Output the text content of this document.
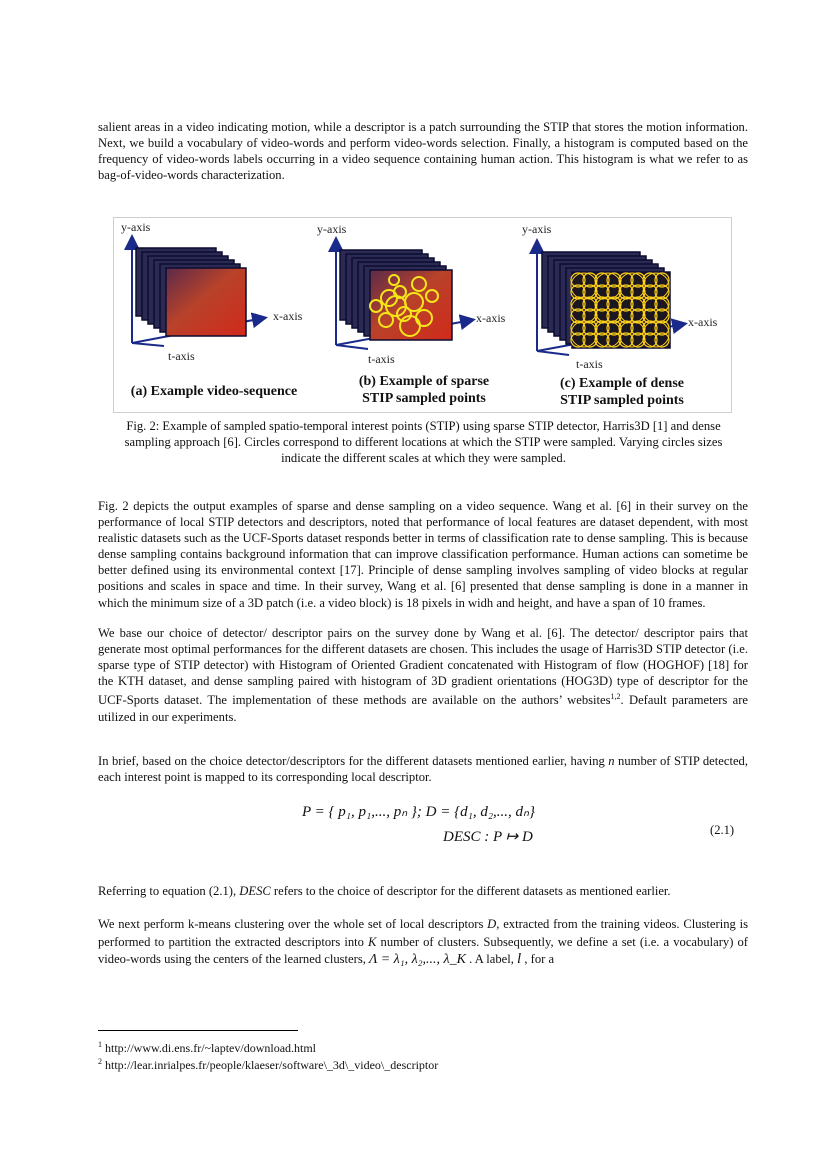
salient areas in a video indicating motion, while a descriptor is a patch surrounding the STIP that stores the motion information. Next, we build a vocabulary of video-words and perform video-words selection. Finally, a histogram is computed based on the frequency of video-words labels occurring in a video sequence containing human action. This histogram is what we refer to as bag-of-video-words characterization.

y-axis
x-axis
t-axis
(a) Example video-sequence
y-axis
x-axis
t-axis
(b) Example of sparse
STIP sampled points
y-axis
x-axis
t-axis
(c) Example of dense
STIP sampled points

Fig. 2: Example of sampled spatio-temporal interest points (STIP) using sparse STIP detector, Harris3D [1] and dense sampling approach [6]. Circles correspond to different locations at which the STIP were sampled. Varying circles sizes indicate the different scales at which they were sampled.

Fig. 2 depicts the output examples of sparse and dense sampling on a video sequence. Wang et al. [6] in their survey on the performance of local STIP detectors and descriptors, noted that performance of local features are dataset dependent, with most realistic datasets such as the UCF-Sports dataset responds better in terms of classification rate to dense sampling. This is because dense sampling contains background information that can improve classification performance. Human actions can sometime be better defined using its environmental context [17]. Principle of dense sampling involves sampling of video blocks at regular positions and scales in space and time. In their survey, Wang et al. [6] presented that dense sampling is done in a manner in which the minimum size of a 3D patch (i.e. a video block) is 18 pixels in widh and height, and have a span of 10 frames.

We base our choice of detector/ descriptor pairs on the survey done by Wang et al. [6]. The detector/ descriptor pairs that generate most optimal performances for the different datasets are chosen. This includes the usage of Harris3D STIP detector (i.e. sparse type of STIP detector) with Histogram of Oriented Gradient concatenated with Histogram of flow (HOGHOF) [18] for the KTH dataset, and dense sampling paired with histogram of 3D gradient orientations (HOG3D) type of descriptor for the UCF-Sports dataset. The implementation of these methods are available on the authors’ websites$^{1,2}$. Default parameters are utilized in our experiments.

In brief, based on the choice detector/descriptors for the different datasets mentioned earlier, having n number of STIP detected, each interest point is mapped to its corresponding local descriptor.

P = { p₁, p₁,..., pₙ }; D = {d₁, d₂,..., dₙ}
DESC : P ↦ D	(2.1)

Referring to equation (2.1), DESC refers to the choice of descriptor for the different datasets as mentioned earlier.

We next perform k-means clustering over the whole set of local descriptors D, extracted from the training videos. Clustering is performed to partition the extracted descriptors into K number of clusters. Subsequently, we define a set (i.e. a vocabulary) of video-words using the centers of the learned clusters, Λ = λ₁, λ₂,..., λ_K . A label, l , for a

$^1$ http://www.di.ens.fr/~laptev/download.html
$^2$ http://lear.inrialpes.fr/people/klaeser/software\_3d\_video\_descriptor
